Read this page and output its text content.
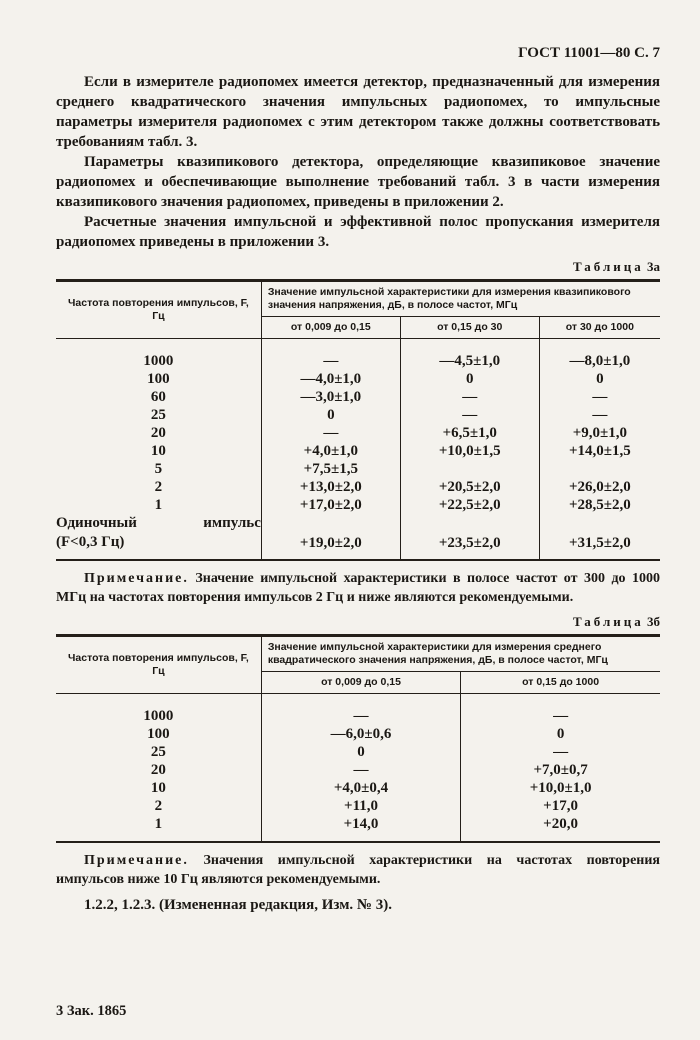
ГОСТ 11001—80 С. 7

Если в измерителе радиопомех имеется детектор, предназначенный для измерения среднего квадратического значения импульсных радиопомех, то импульсные параметры измерителя радиопомех с этим детектором также должны соответствовать требованиям табл. 3.

Параметры квазипикового детектора, определяющие квазипиковое значение радиопомех и обеспечивающие выполнение требований табл. 3 в части измерения квазипикового значения радиопомех, приведены в приложении 2.

Расчетные значения импульсной и эффективной полос пропускания измерителя радиопомех приведены в приложении 3.

Таблица 3а
Частота повторения импульсов, F, Гц	Значение импульсной характеристики для измерения квазипикового значения напряжения, дБ, в полосе частот, МГц		
	от 0,009 до 0,15	от 0,15 до 30	от 30 до 1000
1000	—	—4,5±1,0	—8,0±1,0
100	—4,0±1,0	0	0
60	—3,0±1,0	—	—
25	0	—	—
20	—	+6,5±1,0	+9,0±1,0
10	+4,0±1,0	+10,0±1,5	+14,0±1,5
5	+7,5±1,5		
2	+13,0±2,0	+20,5±2,0	+26,0±2,0
1	+17,0±2,0	+22,5±2,0	+28,5±2,0

Одиночный импульс
(F<0,3 Гц)	+19,0±2,0	+23,5±2,0	+31,5±2,0

Примечание. Значение импульсной характеристики в полосе частот от 300 до 1000 МГц на частотах повторения импульсов 2 Гц и ниже являются рекомендуемыми.

Таблица 3б
Частота повторения импульсов, F, Гц	Значение импульсной характеристики для измерения среднего квадратического значения напряжения, дБ, в полосе частот, МГц	
	от 0,009 до 0,15	от 0,15 до 1000
1000	—	—
100	—6,0±0,6	0
25	0	—
20	—	+7,0±0,7
10	+4,0±0,4	+10,0±1,0
2	+11,0	+17,0
1	+14,0	+20,0

Примечание. Значения импульсной характеристики на частотах повторения импульсов ниже 10 Гц являются рекомендуемыми.

1.2.2, 1.2.3. (Измененная редакция, Изм. № 3).

3 Зак. 1865
